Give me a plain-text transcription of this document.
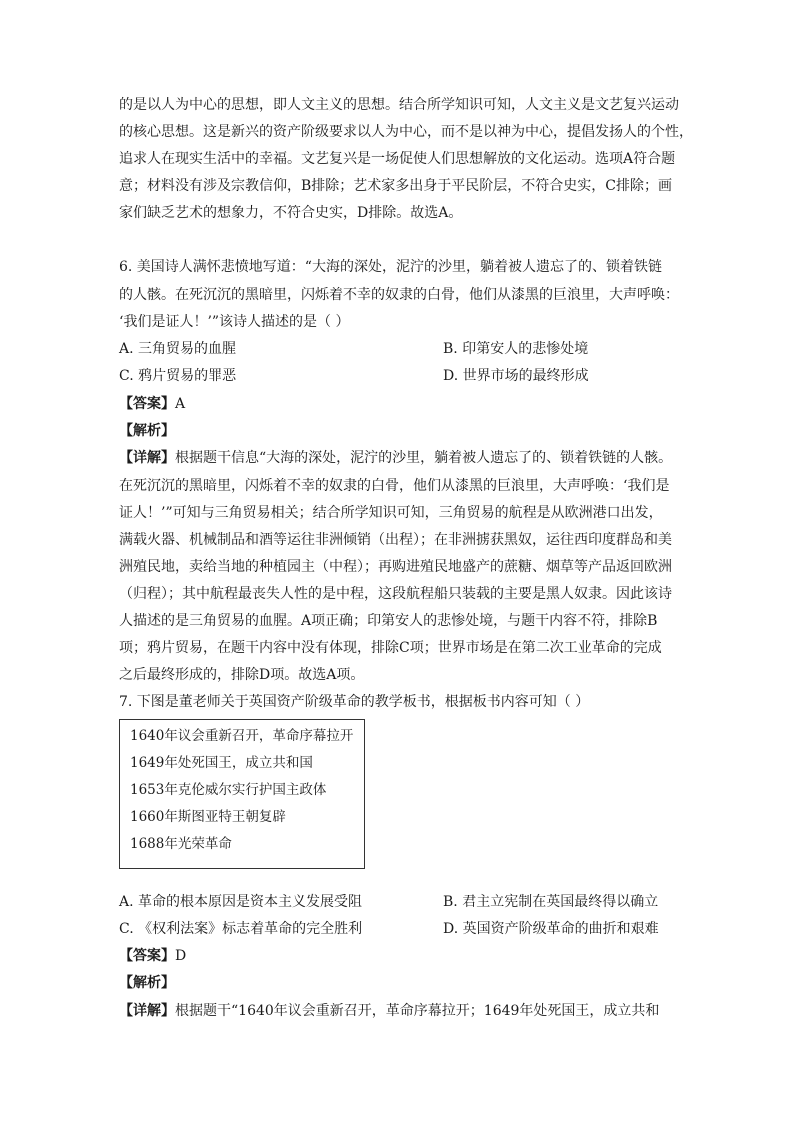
的是以人为中心的思想，即人文主义的思想。结合所学知识可知，人文主义是文艺复兴运动
的核心思想。这是新兴的资产阶级要求以人为中心，而不是以神为中心，提倡发扬人的个性，
追求人在现实生活中的幸福。文艺复兴是一场促使人们思想解放的文化运动。选项A符合题
意；材料没有涉及宗教信仰，B排除；艺术家多出身于平民阶层，不符合史实，C排除；画
家们缺乏艺术的想象力，不符合史实，D排除。故选A。
6. 美国诗人满怀悲愤地写道：“大海的深处，泥泞的沙里，躺着被人遗忘了的、锁着铁链
的人骸。在死沉沉的黑暗里，闪烁着不幸的奴隶的白骨，他们从漆黑的巨浪里，大声呼唤：
‘我们是证人！’”该诗人描述的是（ ）
A. 三角贸易的血腥	B. 印第安人的悲惨处境
C. 鸦片贸易的罪恶	D. 世界市场的最终形成
【答案】A
【解析】
【详解】根据题干信息“大海的深处，泥泞的沙里，躺着被人遗忘了的、锁着铁链的人骸。
在死沉沉的黑暗里，闪烁着不幸的奴隶的白骨，他们从漆黑的巨浪里，大声呼唤：‘我们是
证人！’”可知与三角贸易相关；结合所学知识可知，三角贸易的航程是从欧洲港口出发，
满载火器、机械制品和酒等运往非洲倾销（出程）；在非洲掳获黑奴，运往西印度群岛和美
洲殖民地，卖给当地的种植园主（中程）；再购进殖民地盛产的蔗糖、烟草等产品返回欧洲
（归程）；其中航程最丧失人性的是中程，这段航程船只装载的主要是黑人奴隶。因此该诗
人描述的是三角贸易的血腥。A项正确；印第安人的悲惨处境，与题干内容不符，排除B
项；鸦片贸易，在题干内容中没有体现，排除C项；世界市场是在第二次工业革命的完成
之后最终形成的，排除D项。故选A项。
7. 下图是董老师关于英国资产阶级革命的教学板书，根据板书内容可知（ ）
1640年议会重新召开，革命序幕拉开
1649年处死国王，成立共和国
1653年克伦威尔实行护国主政体
1660年斯图亚特王朝复辟
1688年光荣革命
A. 革命的根本原因是资本主义发展受阻	B. 君主立宪制在英国最终得以确立
C. 《权利法案》标志着革命的完全胜利	D. 英国资产阶级革命的曲折和艰难
【答案】D
【解析】
【详解】根据题干“1640年议会重新召开，革命序幕拉开；1649年处死国王，成立共和
